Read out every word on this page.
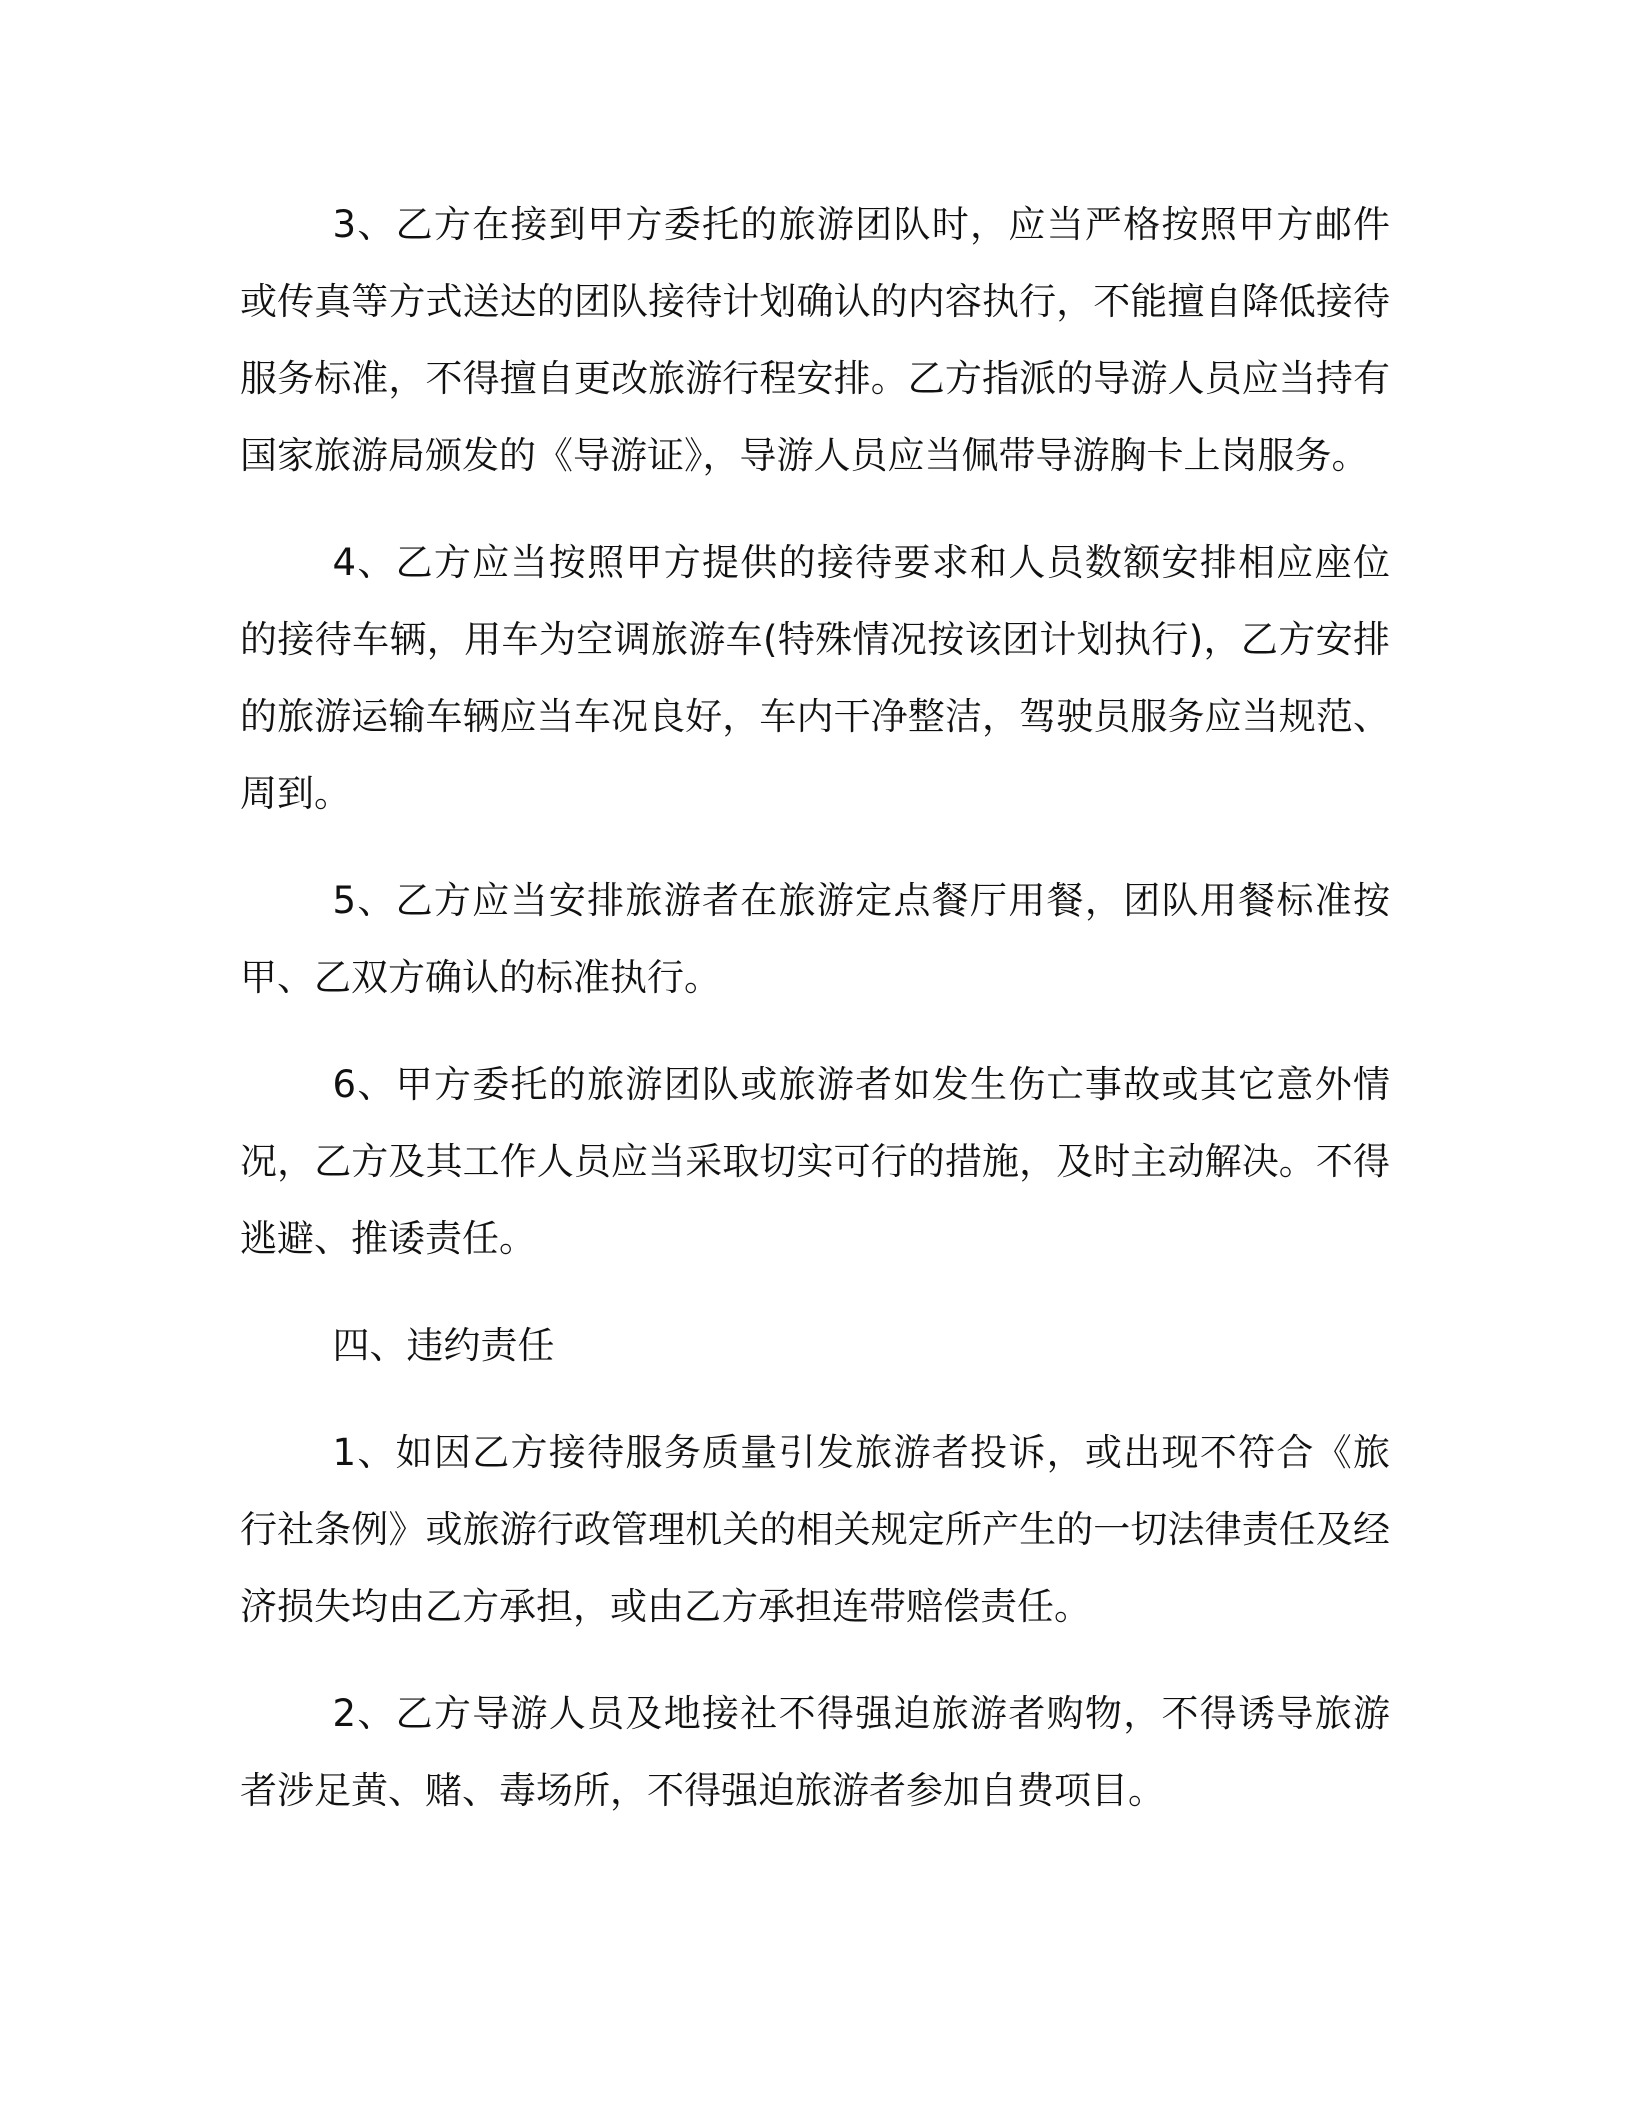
3、乙方在接到甲方委托的旅游团队时，应当严格按照甲方邮件或传真等方式送达的团队接待计划确认的内容执行，不能擅自降低接待服务标准，不得擅自更改旅游行程安排。乙方指派的导游人员应当持有国家旅游局颁发的《导游证》，导游人员应当佩带导游胸卡上岗服务。

4、乙方应当按照甲方提供的接待要求和人员数额安排相应座位的接待车辆，用车为空调旅游车(特殊情况按该团计划执行)，乙方安排的旅游运输车辆应当车况良好，车内干净整洁，驾驶员服务应当规范、周到。

5、乙方应当安排旅游者在旅游定点餐厅用餐，团队用餐标准按甲、乙双方确认的标准执行。

6、甲方委托的旅游团队或旅游者如发生伤亡事故或其它意外情况，乙方及其工作人员应当采取切实可行的措施，及时主动解决。不得逃避、推诿责任。

四、违约责任

1、如因乙方接待服务质量引发旅游者投诉，或出现不符合《旅行社条例》或旅游行政管理机关的相关规定所产生的一切法律责任及经济损失均由乙方承担，或由乙方承担连带赔偿责任。

2、乙方导游人员及地接社不得强迫旅游者购物，不得诱导旅游者涉足黄、赌、毒场所，不得强迫旅游者参加自费项目。
